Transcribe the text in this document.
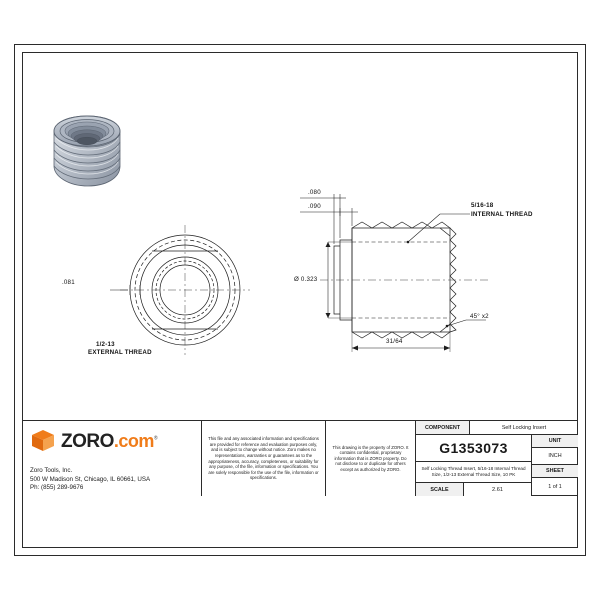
.081
1/2-13
EXTERNAL THREAD
.080
.090
Ø 0.323
31/64
45° x2
5/16-18
INTERNAL THREAD
ZORO.com®
Zoro Tools, Inc.
500 W Madison St, Chicago, IL 60661, USA
Ph: (855) 289-9676
This file and any associated information and specifications are provided for reference and evaluation purposes only, and is subject to change without notice. Zoro makes no representations, warranties or guarantees as to the appropriateness, accuracy, completeness, or suitability for any purpose, of the file, information or specifications. You are solely responsible for the use of the file, information or specifications.
This drawing is the property of ZORO. It contains confidential, proprietary information that is ZORO property. Do not disclose to or duplicate for others except as authorized by ZORO.
COMPONENT	Self Locking Insert
G1353073
Self Locking Thread Insert, 5/16-18 Internal Thread Size, 1/2-13 External Thread Size, 10 PK
SCALE	2.61
UNIT
INCH
SHEET
1 of 1
